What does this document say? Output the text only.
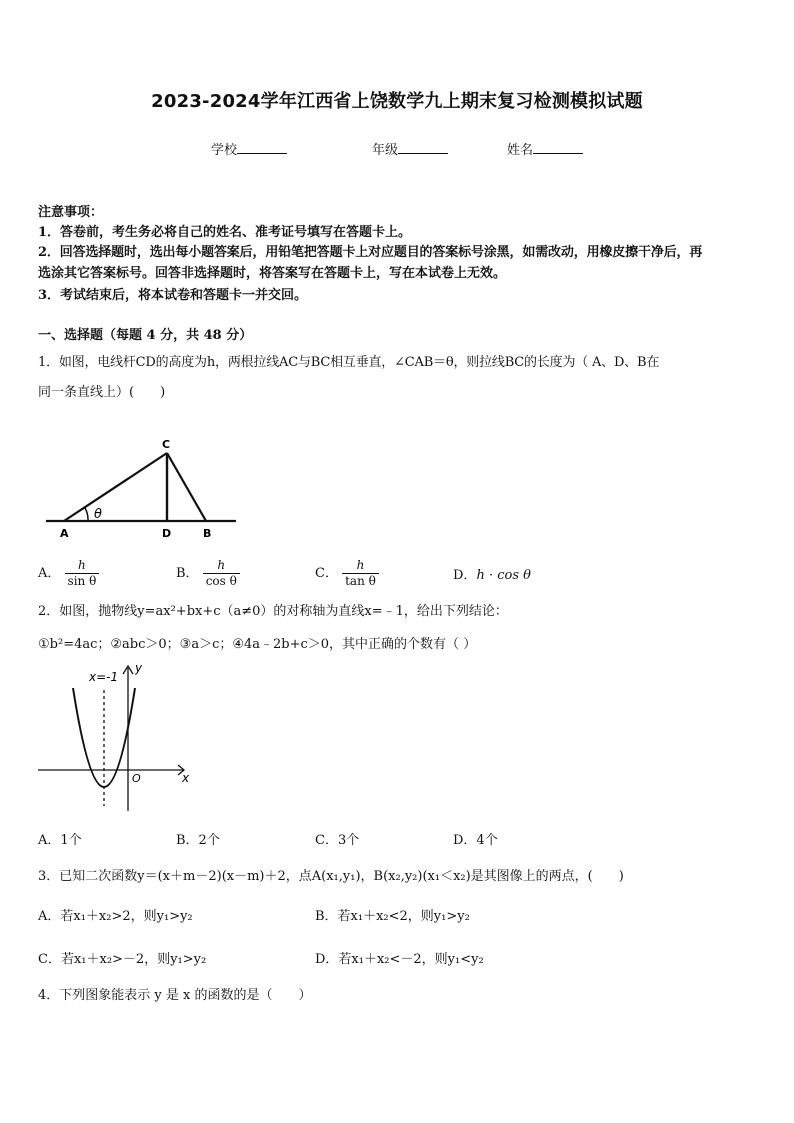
2023-2024学年江西省上饶数学九上期末复习检测模拟试题
学校	年级	姓名
注意事项：
1．答卷前，考生务必将自己的姓名、准考证号填写在答题卡上。
2．回答选择题时，选出每小题答案后，用铅笔把答题卡上对应题目的答案标号涂黑，如需改动，用橡皮擦干净后，再
选涂其它答案标号。回答非选择题时，将答案写在答题卡上，写在本试卷上无效。
3．考试结束后，将本试卷和答题卡一并交回。
一、选择题（每题 4 分，共 48 分）
1．如图，电线杆CD的高度为h，两根拉线AC与BC相互垂直，∠CAB＝θ，则拉线BC的长度为（ A、D、B在
同一条直线上）(　　)
C
A	D	B
θ
A． $\frac{h}{\text{sin θ}}$	B． $\frac{h}{\text{cos θ}}$	C． $\frac{h}{\text{tan θ}}$	D．h · cos θ
2．如图，抛物线y=ax²+bx+c（a≠0）的对称轴为直线x=﹣1，给出下列结论：
①b²=4ac；②abc＞0；③a＞c；④4a﹣2b+c＞0，其中正确的个数有（ ）
x=-1
y
x
O
A．1个	B．2个	C．3个	D．4个
3．已知二次函数y＝(x＋m－2)(x－m)＋2，点A(x₁,y₁)，B(x₂,y₂)(x₁＜x₂)是其图像上的两点，(　　)
A．若x₁＋x₂>2，则y₁>y₂	B．若x₁＋x₂<2，则y₁>y₂
C．若x₁＋x₂>－2，则y₁>y₂	D．若x₁＋x₂<－2，则y₁<y₂
4．下列图象能表示 y 是 x 的函数的是（　　）
